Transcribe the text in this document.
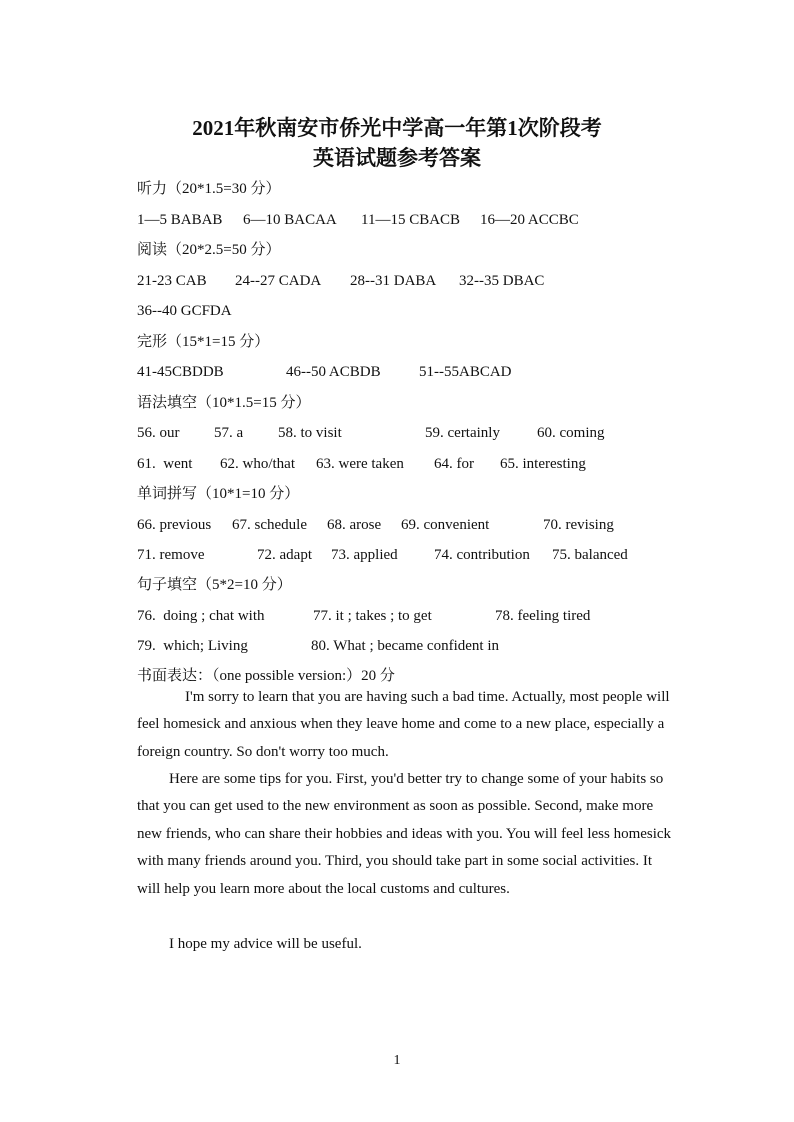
2021年秋南安市侨光中学高一年第1次阶段考
英语试题参考答案
听力（20*1.5=30 分）
1—5 BABAB 6—10 BACAA 11—15 CBACB 16—20 ACCBC
阅读（20*2.5=50 分）
21-23 CAB 24--27 CADA 28--31 DABA 32--35 DBAC
36--40 GCFDA
完形（15*1=15 分）
41-45CBDDB	46--50 ACBDB	51--55ABCAD
语法填空（10*1.5=15 分）
56. our 57. a 58. to visit	59. certainly 60. coming
61.  went 62. who/that 63. were taken 64. for 65. interesting
单词拼写（10*1=10 分）
66. previous 67. schedule 68. arose 69. convenient	70. revising
71. remove	72. adapt 73. applied 74. contribution 75. balanced
句子填空（5*2=10 分）
76.  doing ; chat with	77. it ; takes ; to get	78. feeling tired
79.  which; Living	80. What ; became confident in
书面表达：（one possible version:）20 分
I'm sorry to learn that you are having such a bad time. Actually, most people will feel homesick and anxious when they leave home and come to a new place, especially a foreign country. So don't worry too much.
Here are some tips for you. First, you'd better try to change some of your habits so that you can get used to the new environment as soon as possible. Second, make more new friends, who can share their hobbies and ideas with you. You will feel less homesick with many friends around you. Third, you should take part in some social activities. It will help you learn more about the local customs and cultures.
I hope my advice will be useful.
1
